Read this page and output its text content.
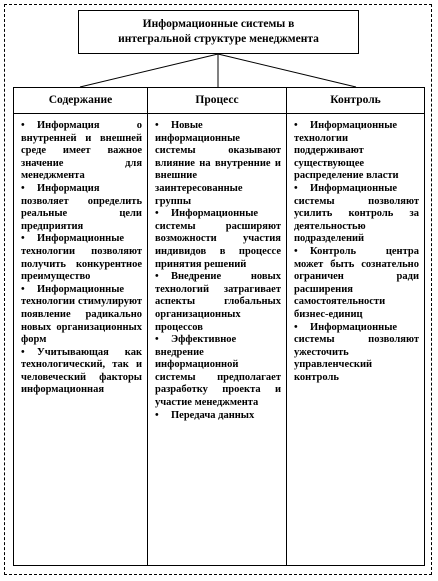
Информационные системы в
интегральной структуре менеджмента
Содержание	Процесс	Контроль

• Информация о внутренней и внешней среде имеет важное значение для менеджмента

• Информация позволяет определить реальные цели предприятия

• Информационные технологии позволяют получить конкурентное преимущество

• Информационные технологии стимулируют появление радикально новых организационных форм

• Учитывающая как технологический, так и человеческий факторы информационная

• Новые информационные системы оказывают влияние на внутренние и внешние заинтересованные группы

• Информационные системы расширяют возможности участия индивидов в процессе принятия решений

• Внедрение новых технологий затрагивает аспекты глобальных организационных процессов

• Эффективное внедрение информационной системы предполагает разработку проекта и участие менеджмента

• Передача данных

• Информационные технологии поддерживают существующее распределение власти

• Информационные системы позволяют усилить контроль за деятельностью подразделений

• Контроль центра может быть сознательно ограничен ради расширения самостоятельности бизнес-единиц

• Информационные системы позволяют ужесточить управленческий контроль
